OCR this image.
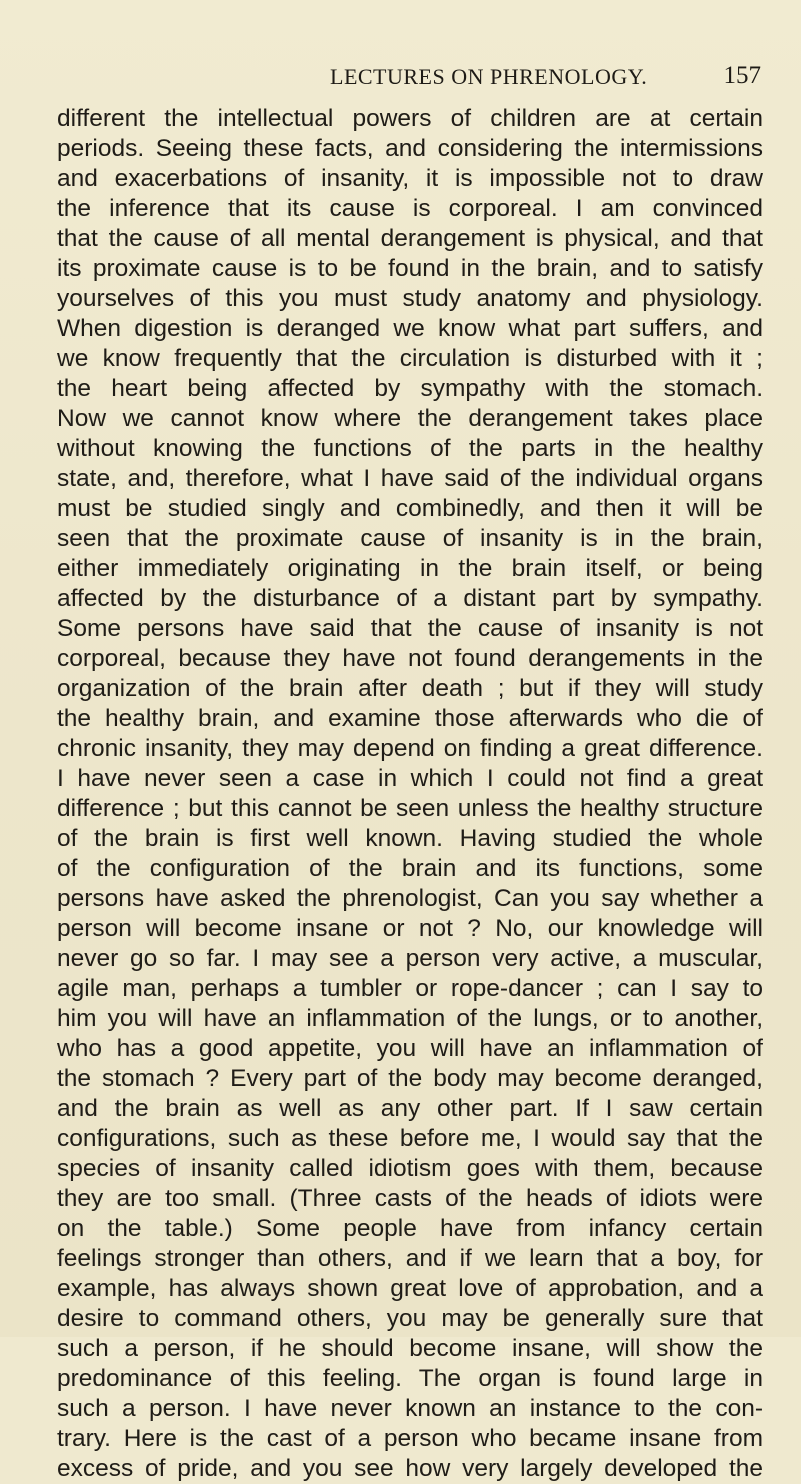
LECTURES ON PHRENOLOGY.	157
different the intellectual powers of children are at certain
periods. Seeing these facts, and considering the intermissions
and exacerbations of insanity, it is impossible not to draw
the inference that its cause is corporeal. I am convinced
that the cause of all mental derangement is physical, and that
its proximate cause is to be found in the brain, and to satisfy
yourselves of this you must study anatomy and physiology.
When digestion is deranged we know what part suffers, and
we know frequently that the circulation is disturbed with it ;
the heart being affected by sympathy with the stomach.
Now we cannot know where the derangement takes place
without knowing the functions of the parts in the healthy
state, and, therefore, what I have said of the individual organs
must be studied singly and combinedly, and then it will be
seen that the proximate cause of insanity is in the brain,
either immediately originating in the brain itself, or being
affected by the disturbance of a distant part by sympathy.
Some persons have said that the cause of insanity is not
corporeal, because they have not found derangements in the
organization of the brain after death ; but if they will study
the healthy brain, and examine those afterwards who die of
chronic insanity, they may depend on finding a great difference.
I have never seen a case in which I could not find a great
difference ; but this cannot be seen unless the healthy structure
of the brain is first well known. Having studied the whole
of the configuration of the brain and its functions, some
persons have asked the phrenologist, Can you say whether a
person will become insane or not ? No, our knowledge will
never go so far. I may see a person very active, a muscular,
agile man, perhaps a tumbler or rope-dancer ; can I say to
him you will have an inflammation of the lungs, or to another,
who has a good appetite, you will have an inflammation of
the stomach ? Every part of the body may become deranged,
and the brain as well as any other part. If I saw certain
configurations, such as these before me, I would say that the
species of insanity called idiotism goes with them, because
they are too small. (Three casts of the heads of idiots were
on the table.) Some people have from infancy certain
feelings stronger than others, and if we learn that a boy, for
example, has always shown great love of approbation, and a
desire to command others, you may be generally sure that
such a person, if he should become insane, will show the
predominance of this feeling. The organ is found large in
such a person. I have never known an instance to the con-
trary. Here is the cast of a person who became insane from
excess of pride, and you see how very largely developed the
